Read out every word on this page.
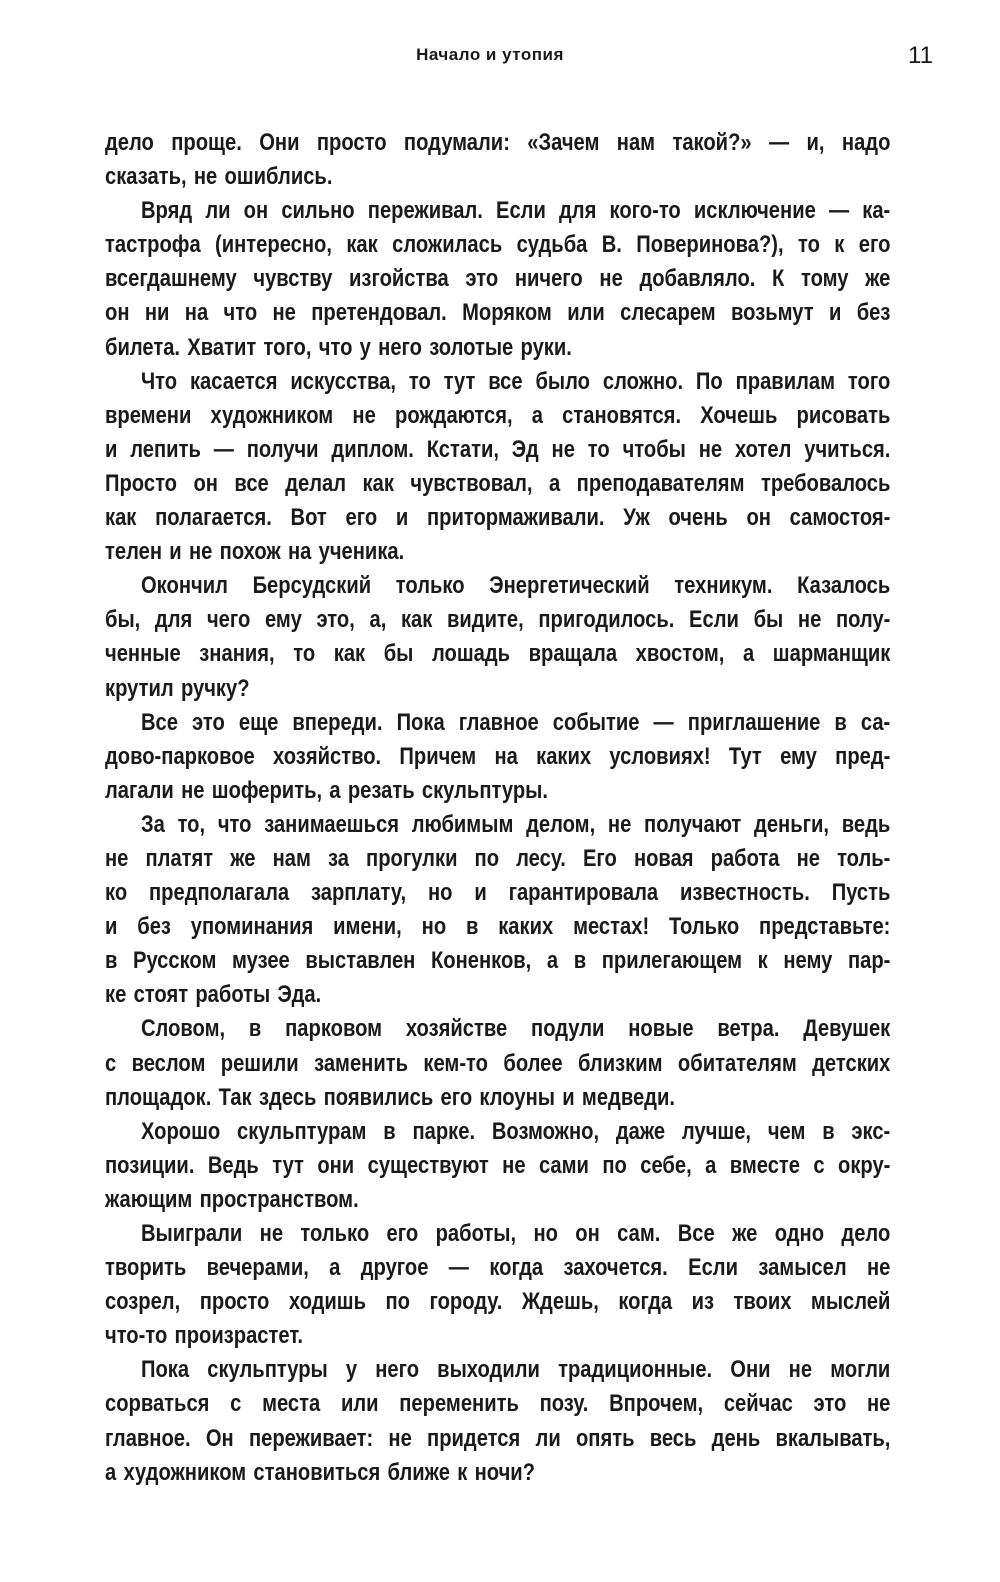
Начало и утопия	11
дело проще. Они просто подумали: «Зачем нам такой?» — и, надо
сказать, не ошиблись.
Вряд ли он сильно переживал. Если для кого-то исключение — ка-
тастрофа (интересно, как сложилась судьба В. Поверинова?), то к его
всегдашнему чувству изгойства это ничего не добавляло. К тому же
он ни на что не претендовал. Моряком или слесарем возьмут и без
билета. Хватит того, что у него золотые руки.
Что касается искусства, то тут все было сложно. По правилам того
времени художником не рождаются, а становятся. Хочешь рисовать
и лепить — получи диплом. Кстати, Эд не то чтобы не хотел учиться.
Просто он все делал как чувствовал, а преподавателям требовалось
как полагается. Вот его и притормаживали. Уж очень он самостоя-
телен и не похож на ученика.
Окончил Берсудский только Энергетический техникум. Казалось
бы, для чего ему это, а, как видите, пригодилось. Если бы не полу-
ченные знания, то как бы лошадь вращала хвостом, а шарманщик
крутил ручку?
Все это еще впереди. Пока главное событие — приглашение в са-
дово-парковое хозяйство. Причем на каких условиях! Тут ему пред-
лагали не шоферить, а резать скульптуры.
За то, что занимаешься любимым делом, не получают деньги, ведь
не платят же нам за прогулки по лесу. Его новая работа не толь-
ко предполагала зарплату, но и гарантировала известность. Пусть
и без упоминания имени, но в каких местах! Только представьте:
в Русском музее выставлен Коненков, а в прилегающем к нему пар-
ке стоят работы Эда.
Словом, в парковом хозяйстве подули новые ветра. Девушек
с веслом решили заменить кем-то более близким обитателям детских
площадок. Так здесь появились его клоуны и медведи.
Хорошо скульптурам в парке. Возможно, даже лучше, чем в экс-
позиции. Ведь тут они существуют не сами по себе, а вместе с окру-
жающим пространством.
Выиграли не только его работы, но он сам. Все же одно дело
творить вечерами, а другое — когда захочется. Если замысел не
созрел, просто ходишь по городу. Ждешь, когда из твоих мыслей
что-то произрастет.
Пока скульптуры у него выходили традиционные. Они не могли
сорваться с места или переменить позу. Впрочем, сейчас это не
главное. Он переживает: не придется ли опять весь день вкалывать,
а художником становиться ближе к ночи?
